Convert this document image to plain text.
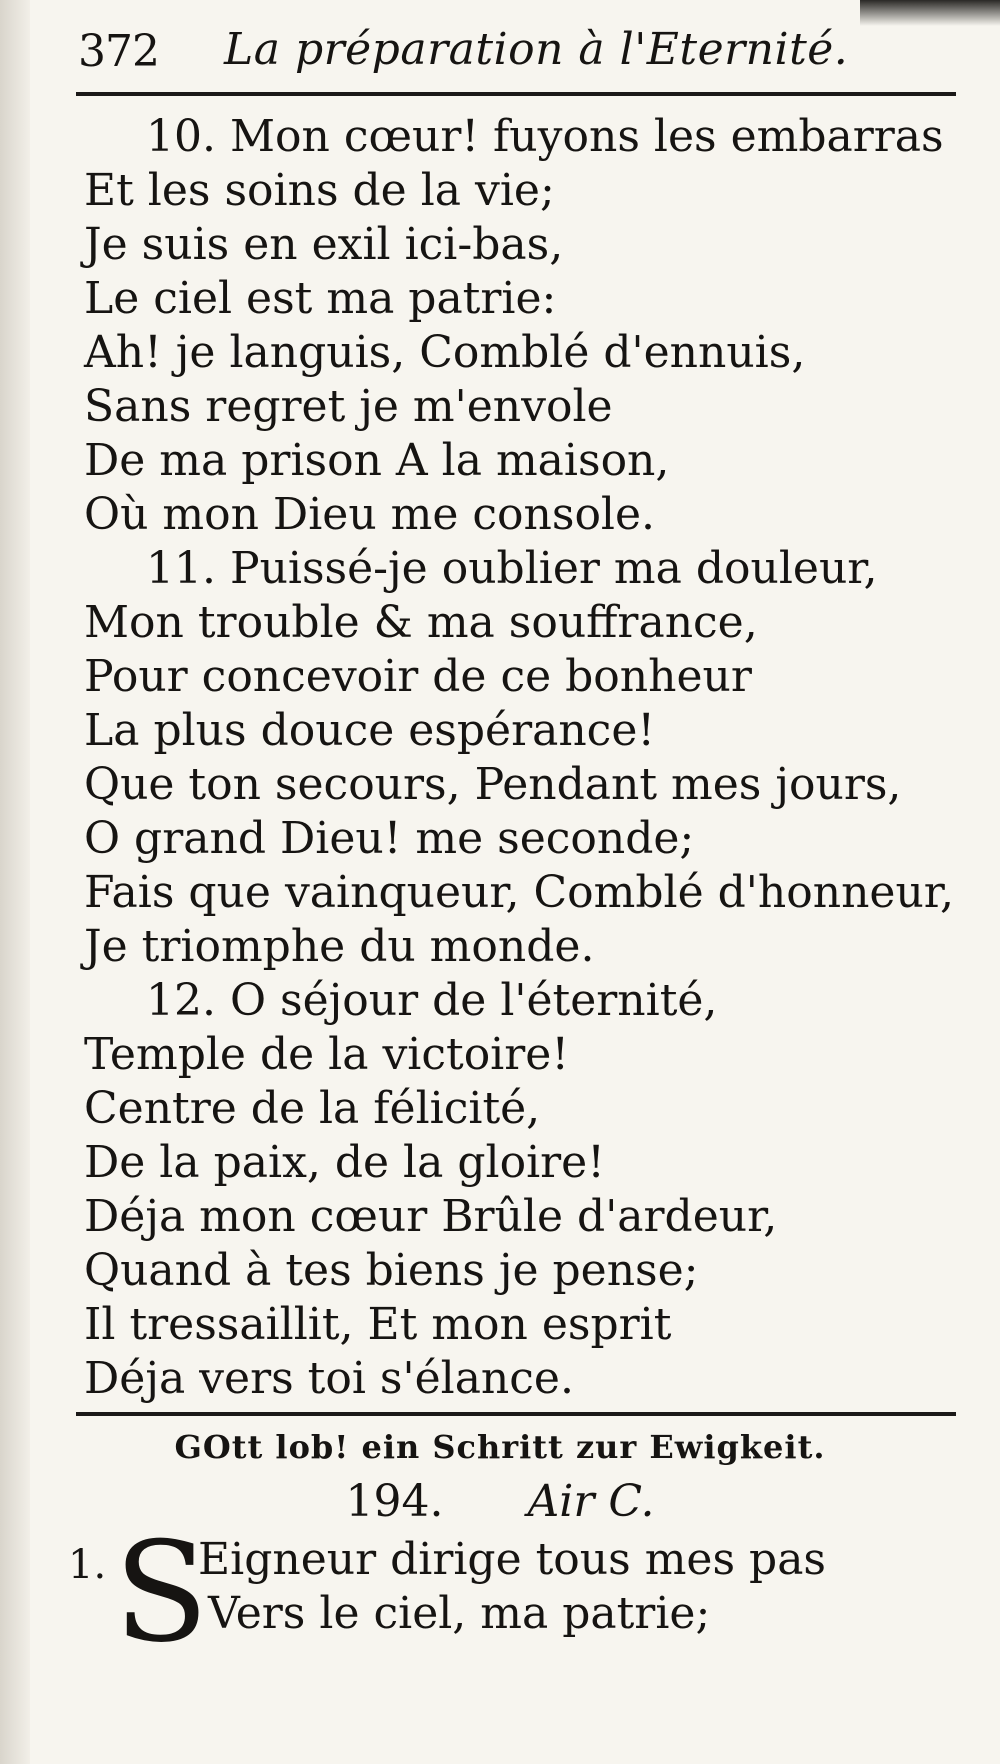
372 La préparation à l'Eternité.
10. Mon cœur! fuyons les embarras
Et les soins de la vie;
Je suis en exil ici-bas,
Le ciel est ma patrie:
Ah! je languis, Comblé d'ennuis,
Sans regret je m'envole
De ma prison A la maison,
Où mon Dieu me console.
11. Puissé-je oublier ma douleur,
Mon trouble & ma souffrance,
Pour concevoir de ce bonheur
La plus douce espérance!
Que ton secours, Pendant mes jours,
O grand Dieu! me seconde;
Fais que vainqueur, Comblé d'honneur,
Je triomphe du monde.
12. O séjour de l'éternité,
Temple de la victoire!
Centre de la félicité,
De la paix, de la gloire!
Déja mon cœur Brûle d'ardeur,
Quand à tes biens je pense;
Il tressaillit, Et mon esprit
Déja vers toi s'élance.
GOtt lob! ein Schritt zur Ewigkeit.
194. Air C.
1. S
Eigneur dirige tous mes pas
Vers le ciel, ma patrie;
